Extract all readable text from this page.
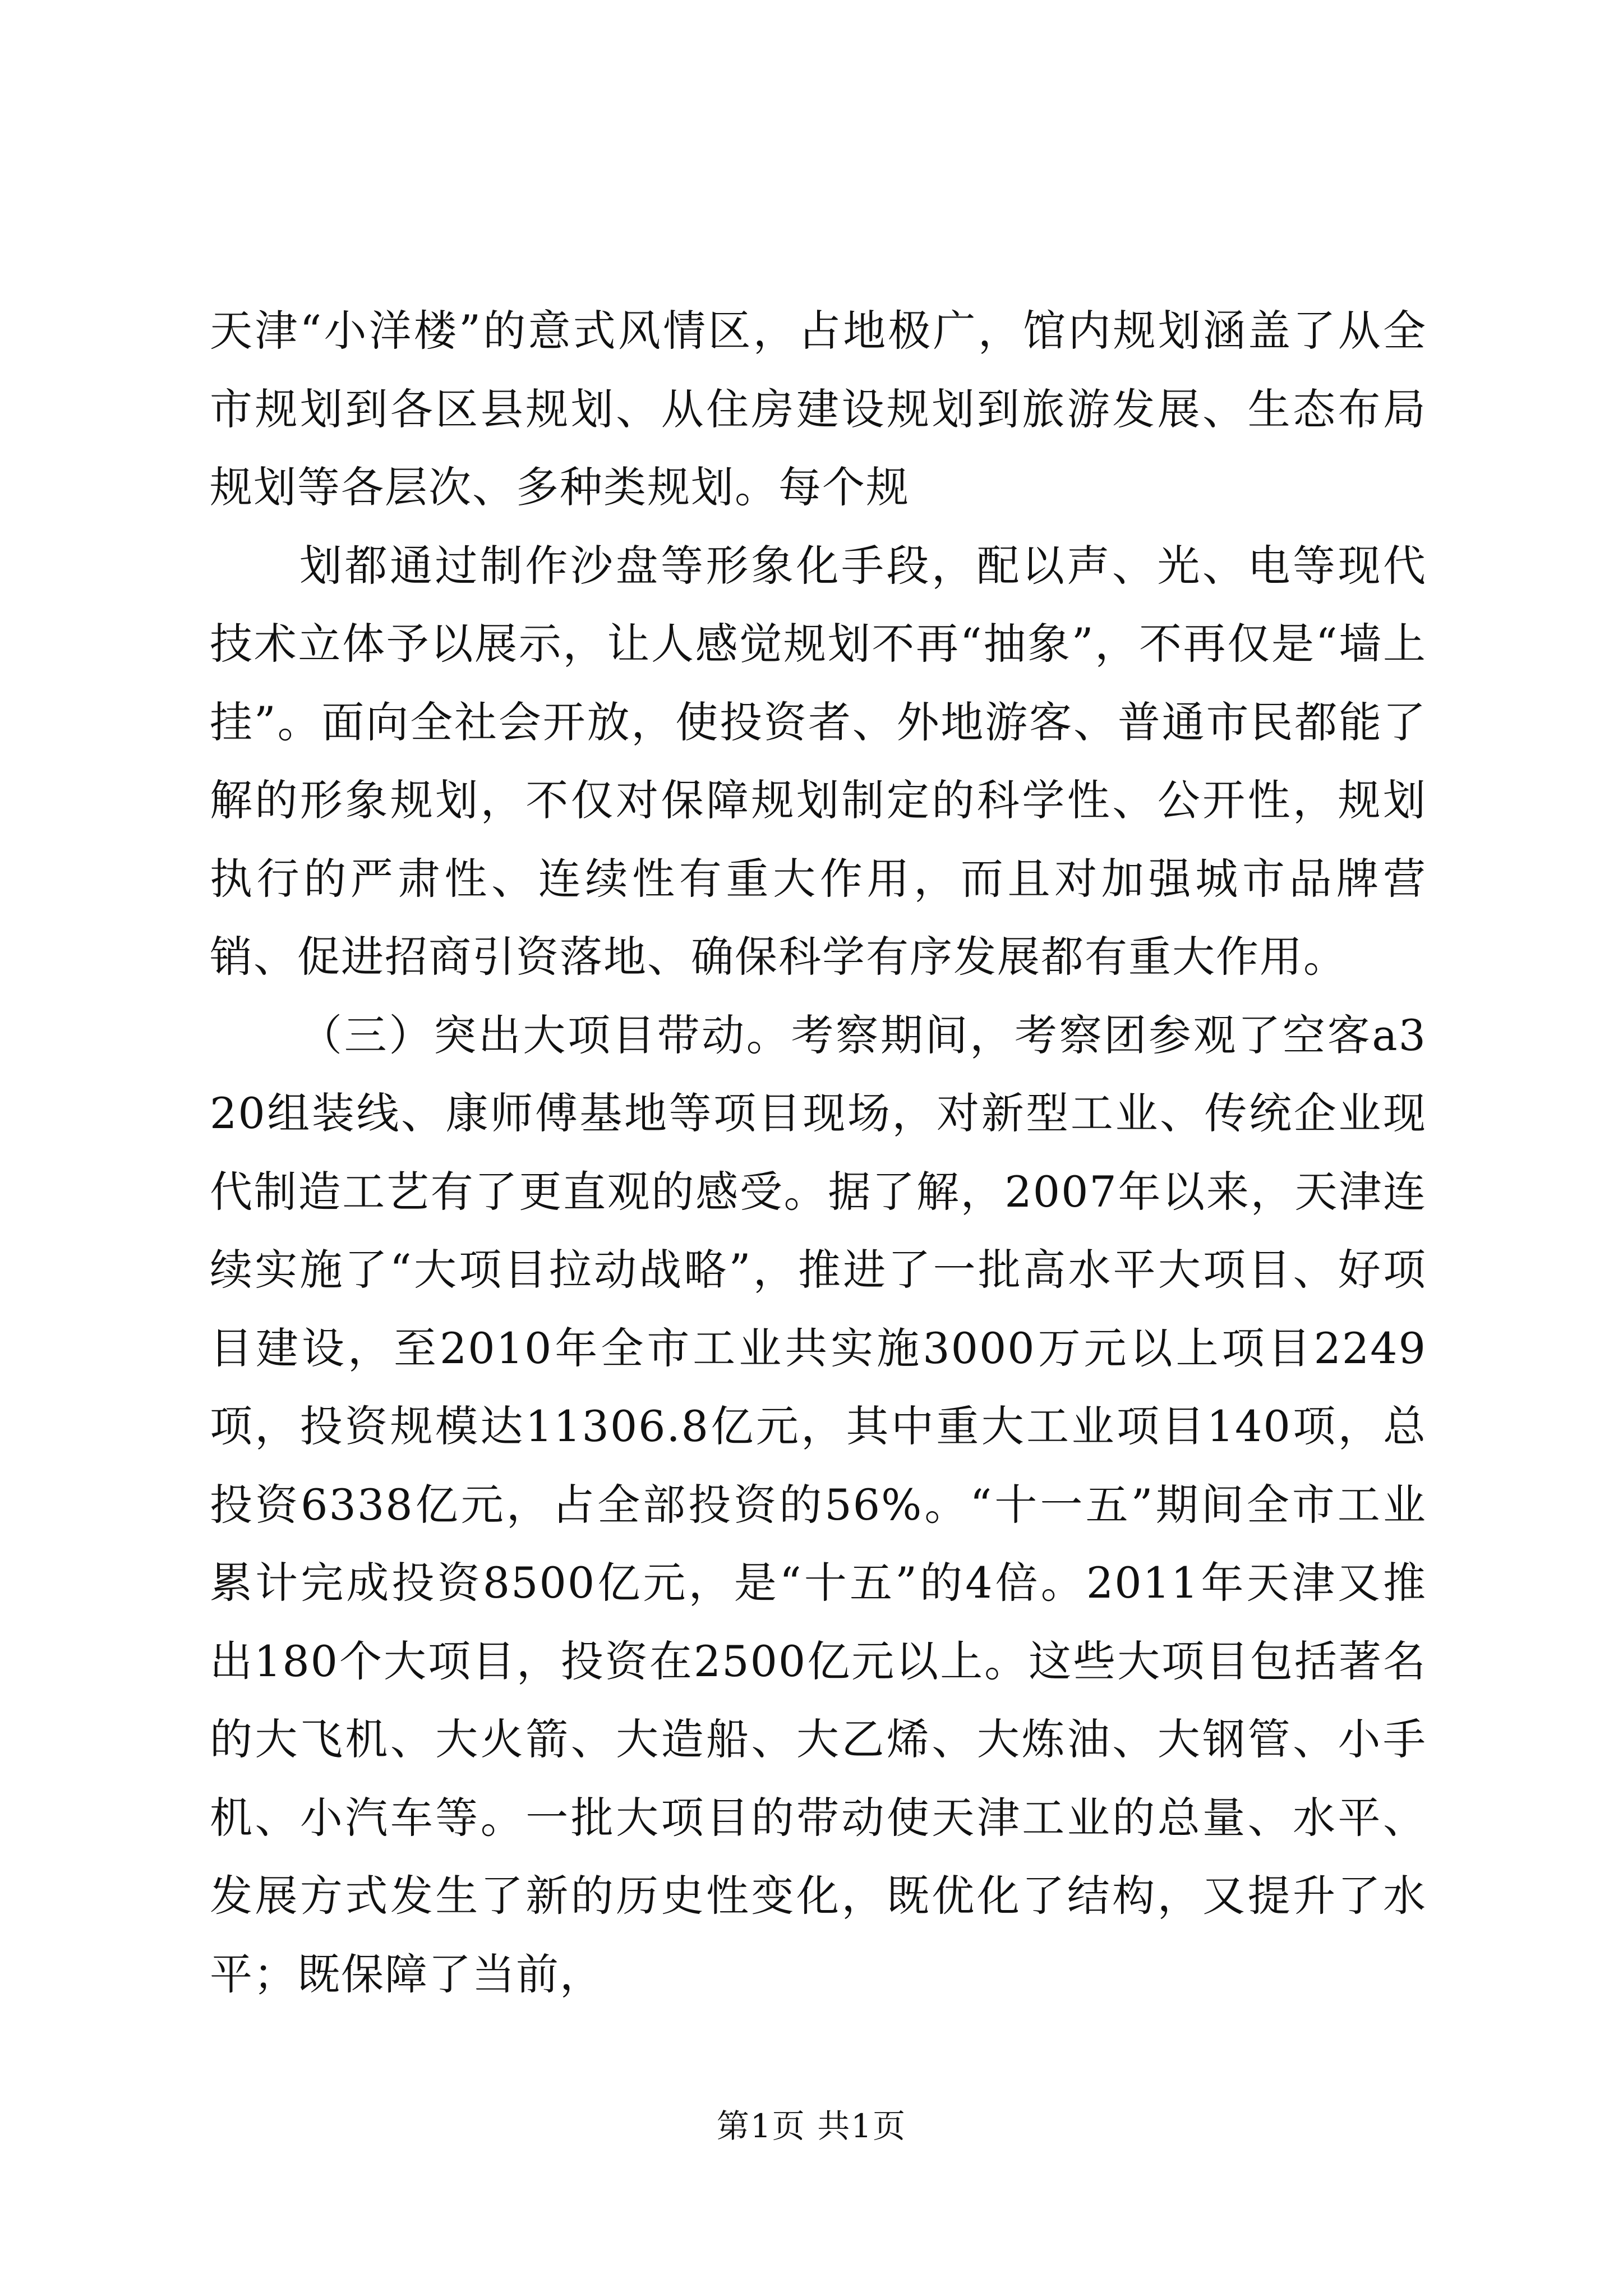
天津“小洋楼”的意式风情区，占地极广，馆内规划涵盖了从全市规划到各区县规划、从住房建设规划到旅游发展、生态布局规划等各层次、多种类规划。每个规

划都通过制作沙盘等形象化手段，配以声、光、电等现代技术立体予以展示，让人感觉规划不再“抽象”，不再仅是“墙上挂”。面向全社会开放，使投资者、外地游客、普通市民都能了解的形象规划，不仅对保障规划制定的科学性、公开性，规划执行的严肃性、连续性有重大作用，而且对加强城市品牌营销、促进招商引资落地、确保科学有序发展都有重大作用。

（三）突出大项目带动。考察期间，考察团参观了空客a320组装线、康师傅基地等项目现场，对新型工业、传统企业现代制造工艺有了更直观的感受。据了解，2007年以来，天津连续实施了“大项目拉动战略”，推进了一批高水平大项目、好项目建设，至2010年全市工业共实施3000万元以上项目2249项，投资规模达11306.8亿元，其中重大工业项目140项，总投资6338亿元，占全部投资的56%。“十一五”期间全市工业累计完成投资8500亿元，是“十五”的4倍。2011年天津又推出180个大项目，投资在2500亿元以上。这些大项目包括著名的大飞机、大火箭、大造船、大乙烯、大炼油、大钢管、小手机、小汽车等。一批大项目的带动使天津工业的总量、水平、发展方式发生了新的历史性变化，既优化了结构，又提升了水平；既保障了当前，

第1页 共1页
